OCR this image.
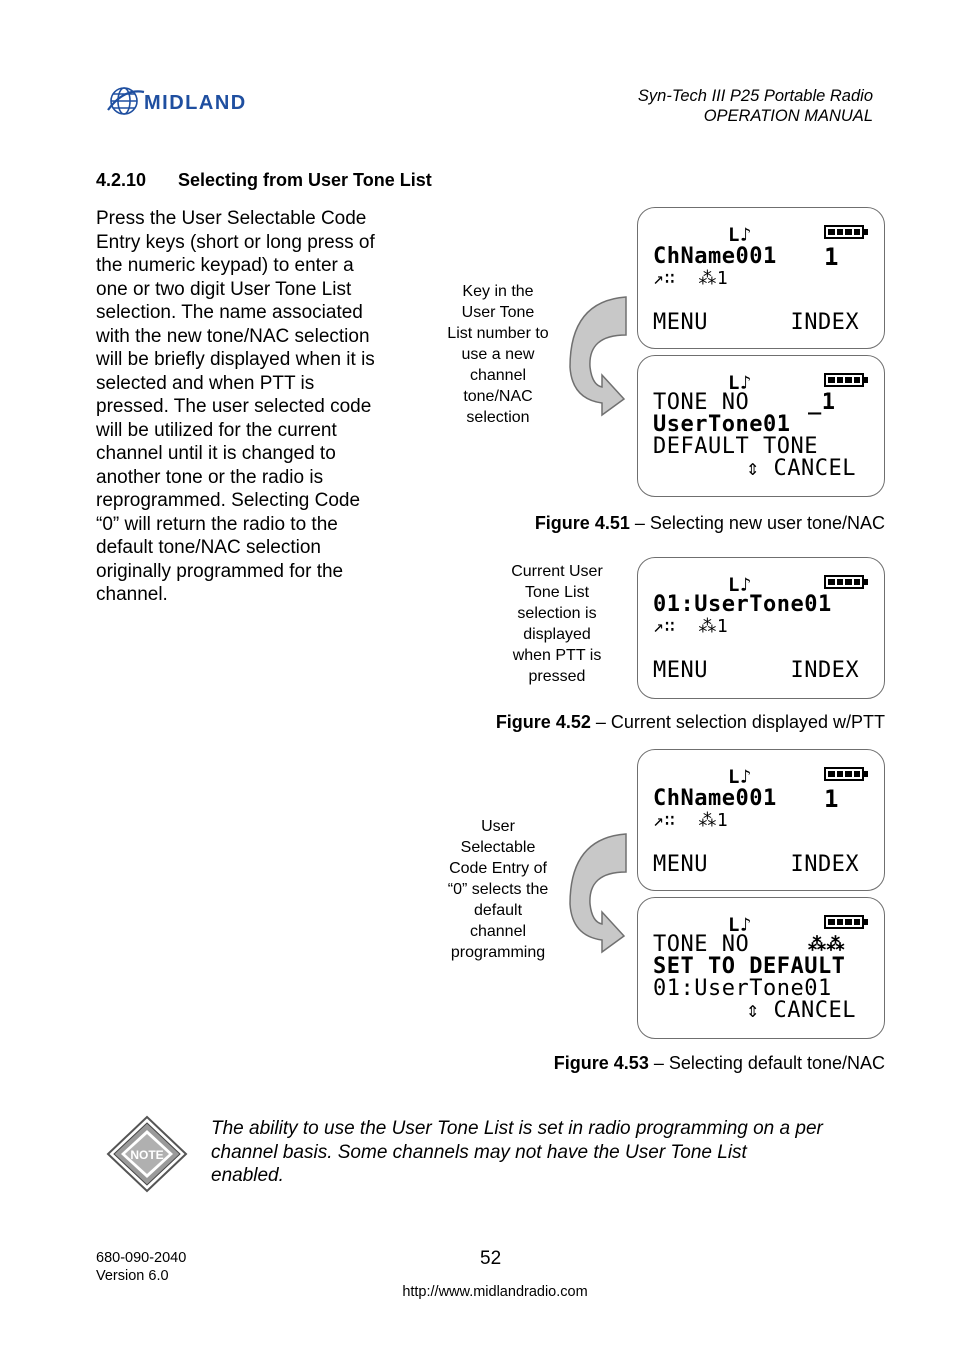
MIDLAND	Syn-Tech III P25 Portable Radio
OPERATION MANUAL
4.2.10 Selecting from User Tone List
Press the User Selectable Code
Entry keys (short or long press of
the numeric keypad) to enter a
one or two digit User Tone List
selection. The name associated
with the new tone/NAC selection
will be briefly displayed when it is
selected and when PTT is
pressed. The user selected code
will be utilized for the current
channel until it is changed to
another tone or the radio is
reprogrammed. Selecting Code
“0” will return the radio to the
default tone/NAC selection
originally programmed for the
channel.
Key in the
User Tone
List number to
use a new
channel
tone/NAC
selection
L♪
ChName001 1
↗∷  ⁂1
MENU      INDEX
L♪
TONE NO	_1
UserTone01
DEFAULT TONE
⇕ CANCEL
Figure 4.51 – Selecting new user tone/NAC
Current User
Tone List
selection is
displayed
when PTT is
pressed
L♪
01:UserTone01
↗∷  ⁂1
MENU      INDEX
Figure 4.52 – Current selection displayed w/PTT
User
Selectable
Code Entry of
“0” selects the
default
channel
programming
L♪
ChName001 1
↗∷  ⁂1
MENU      INDEX
L♪
TONE NO	⁂⁂
SET TO DEFAULT
01:UserTone01
⇕ CANCEL
Figure 4.53 – Selecting default tone/NAC
NOTE
The ability to use the User Tone List is set in radio programming on a per
channel basis. Some channels may not have the User Tone List
enabled.
680-090-2040
Version 6.0
52
http://www.midlandradio.com
